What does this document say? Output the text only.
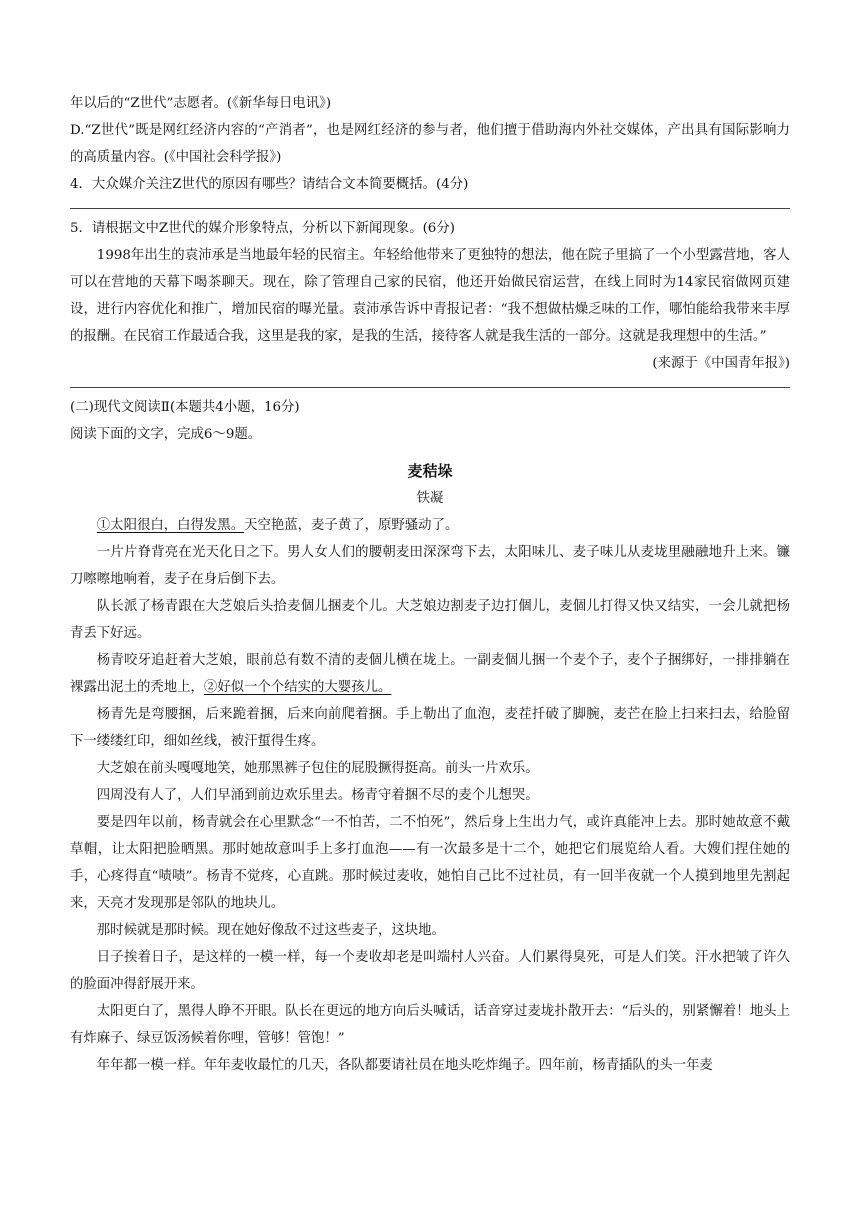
年以后的“Z世代”志愿者。(《新华每日电讯》)
D.“Z世代”既是网红经济内容的“产消者”，也是网红经济的参与者，他们擅于借助海内外社交媒体，产出具有国际影响力的高质量内容。(《中国社会科学报》)
4．大众媒介关注Z世代的原因有哪些？请结合文本简要概括。(4分)
5．请根据文中Z世代的媒介形象特点，分析以下新闻现象。(6分)
1998年出生的袁沛承是当地最年轻的民宿主。年轻给他带来了更独特的想法，他在院子里搞了一个小型露营地，客人可以在营地的天幕下喝茶聊天。现在，除了管理自己家的民宿，他还开始做民宿运营，在线上同时为14家民宿做网页建设，进行内容优化和推广，增加民宿的曝光量。袁沛承告诉中青报记者：“我不想做枯燥乏味的工作，哪怕能给我带来丰厚的报酬。在民宿工作最适合我，这里是我的家，是我的生活，接待客人就是我生活的一部分。这就是我理想中的生活。”
(来源于《中国青年报》)
(二)现代文阅读Ⅱ(本题共4小题，16分)
阅读下面的文字，完成6～9题。
麦秸垛
铁凝
①太阳很白，白得发黑。天空艳蓝，麦子黄了，原野骚动了。
一片片脊背亮在光天化日之下。男人女人们的腰朝麦田深深弯下去，太阳味儿、麦子味儿从麦垅里融融地升上来。镰刀嚓嚓地响着，麦子在身后倒下去。
队长派了杨青跟在大芝娘后头拾麦個儿捆麦个儿。大芝娘边割麦子边打個儿，麦個儿打得又快又结实，一会儿就把杨青丢下好远。
杨青咬牙追赶着大芝娘，眼前总有数不清的麦個儿横在垅上。一副麦個儿捆一个麦个子，麦个子捆绑好，一排排躺在裸露出泥土的秃地上，②好似一个个结实的大婴孩儿。
杨青先是弯腰捆，后来跪着捆，后来向前爬着捆。手上勒出了血泡，麦茬扦破了脚腕，麦芒在脸上扫来扫去，给脸留下一缕缕红印，细如丝线，被汗蜇得生疼。
大芝娘在前头嘎嘎地笑，她那黑裤子包住的屁股撅得挺高。前头一片欢乐。
四周没有人了，人们早涌到前边欢乐里去。杨青守着捆不尽的麦个儿想哭。
要是四年以前，杨青就会在心里默念“一不怕苦，二不怕死”，然后身上生出力气，或许真能冲上去。那时她故意不戴草帽，让太阳把脸晒黑。那时她故意叫手上多打血泡——有一次最多是十二个，她把它们展览给人看。大嫂们捏住她的手，心疼得直“啧啧”。杨青不觉疼，心直跳。那时候过麦收，她怕自己比不过社员，有一回半夜就一个人摸到地里先割起来，天亮才发现那是邻队的地块儿。
那时候就是那时候。现在她好像敌不过这些麦子，这块地。
日子挨着日子，是这样的一模一样，每一个麦收却老是叫端村人兴奋。人们累得臭死，可是人们笑。汗水把皱了许久的脸面冲得舒展开来。
太阳更白了，黑得人睁不开眼。队长在更远的地方向后头喊话，话音穿过麦垅扑散开去：“后头的，别紧懈着！地头上有炸麻子、绿豆饭汤候着你哩，管够！管饱！”
年年都一模一样。年年麦收最忙的几天，各队都要请社员在地头吃炸绳子。四年前，杨青插队的头一年麦
